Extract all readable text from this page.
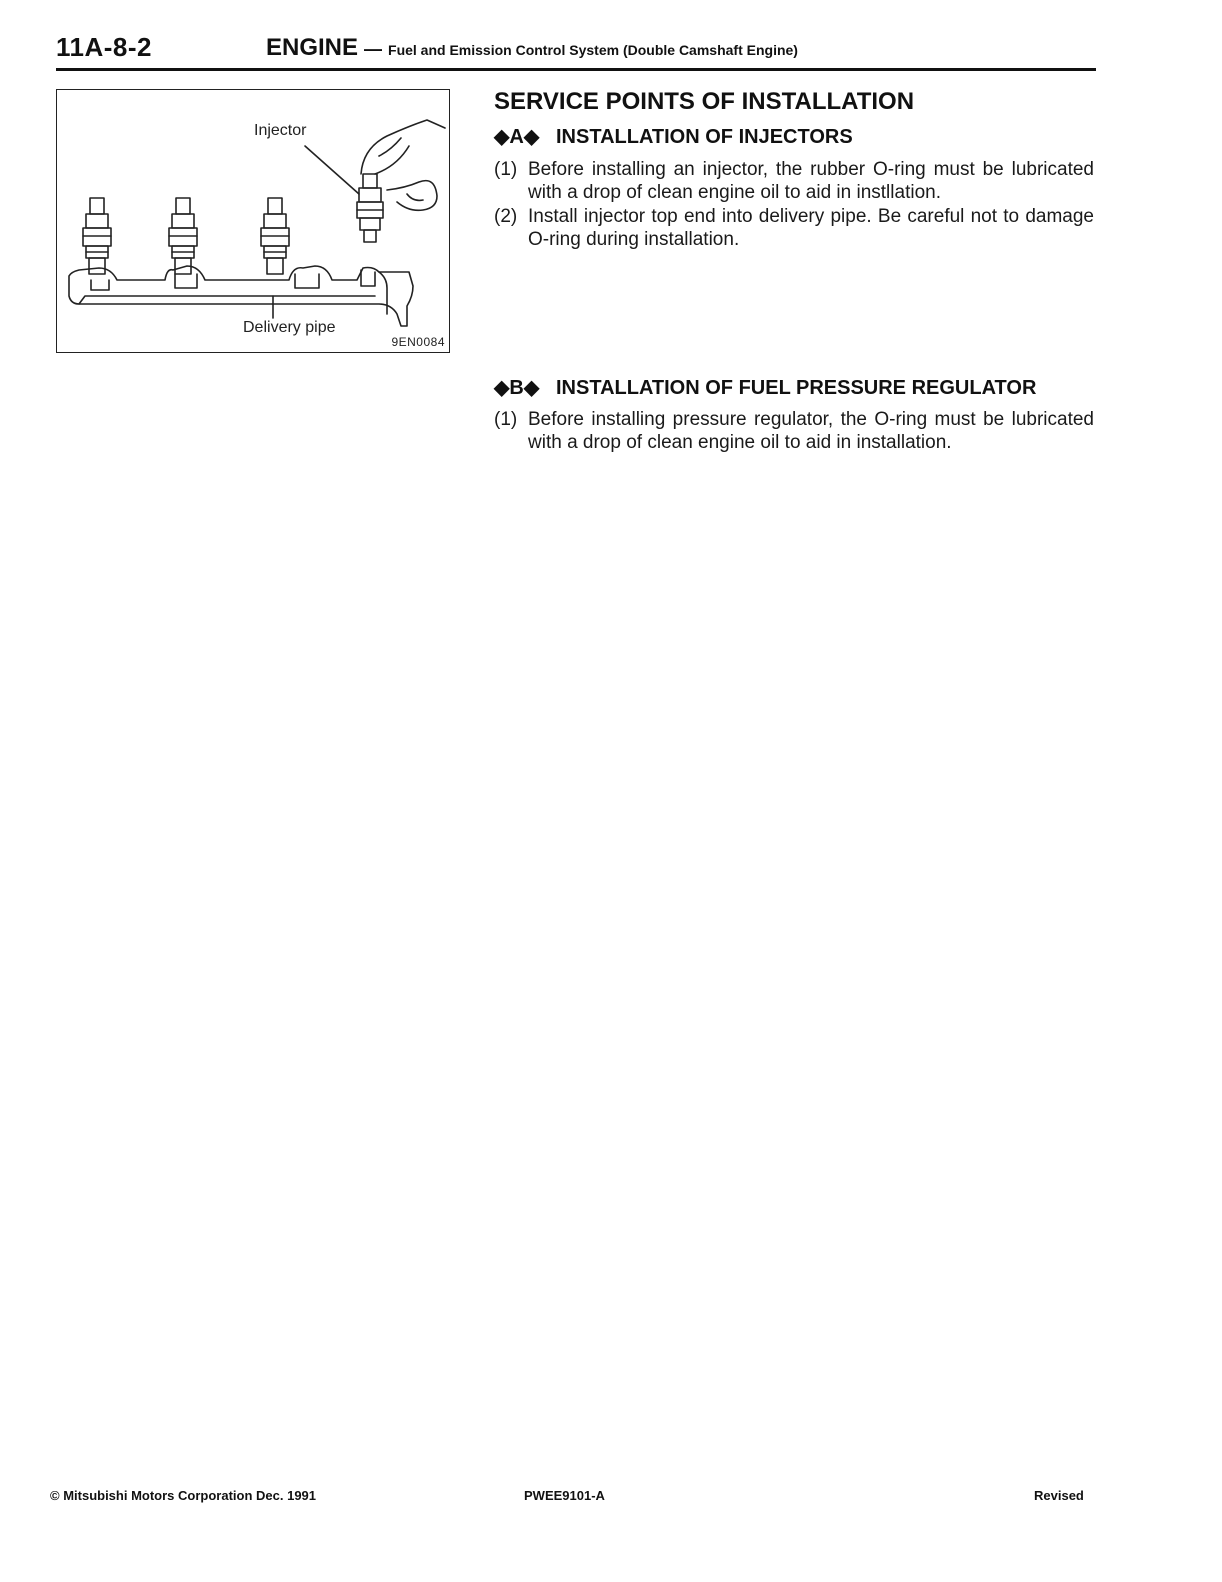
11A-8-2	ENGINE — Fuel and Emission Control System (Double Camshaft Engine)
Injector
Delivery pipe
9EN0084
SERVICE POINTS OF INSTALLATION
◆A◆ INSTALLATION OF INJECTORS
(1) Before installing an injector, the rubber O-ring must be lubricated with a drop of clean engine oil to aid in instllation.
(2) Install injector top end into delivery pipe. Be careful not to damage O-ring during installation.
◆B◆ INSTALLATION OF FUEL PRESSURE REGULATOR
(1) Before installing pressure regulator, the O-ring must be lubricated with a drop of clean engine oil to aid in installation.
© Mitsubishi Motors Corporation Dec. 1991	PWEE9101-A	Revised
